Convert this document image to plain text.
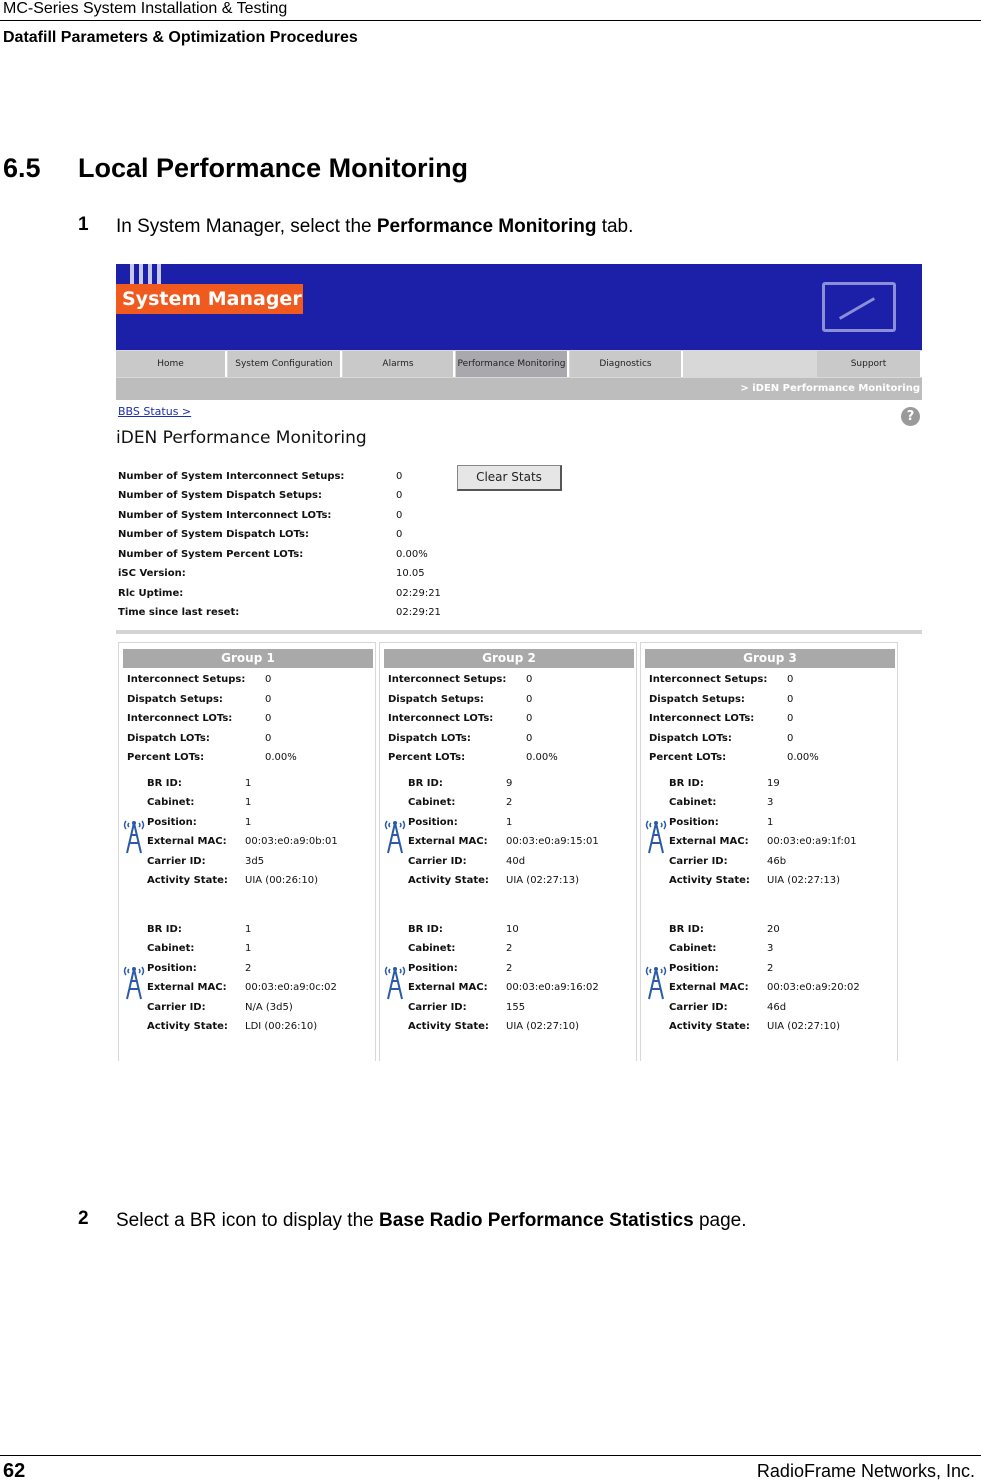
MC-Series System Installation & Testing
Datafill Parameters & Optimization Procedures
6.5 Local Performance Monitoring
1 In System Manager, select the Performance Monitoring tab.
System Manager
Home	System Configuration	Alarms	Performance Monitoring	Diagnostics	Support
> iDEN Performance Monitoring
BBS Status >	?
iDEN Performance Monitoring
Number of System Interconnect Setups:	0
Number of System Dispatch Setups:	0
Number of System Interconnect LOTs:	0
Number of System Dispatch LOTs:	0
Number of System Percent LOTs:	0.00%
iSC Version:	10.05
Rlc Uptime:	02:29:21
Time since last reset:	02:29:21
Clear Stats
Group 1
Interconnect Setups: 0
Dispatch Setups:	0
Interconnect LOTs:	0
Dispatch LOTs:	0
Percent LOTs:	0.00%
BR ID:	1
Cabinet:	1
Position:	1
External MAC: 00:03:e0:a9:0b:01
Carrier ID:	3d5
Activity State: UIA (00:26:10)
BR ID:	1
Cabinet:	1
Position:	2
External MAC: 00:03:e0:a9:0c:02
Carrier ID:	N/A (3d5)
Activity State: LDI (00:26:10)
Group 2
Interconnect Setups: 0
Dispatch Setups:	0
Interconnect LOTs:	0
Dispatch LOTs:	0
Percent LOTs:	0.00%
BR ID:	9
Cabinet:	2
Position:	1
External MAC: 00:03:e0:a9:15:01
Carrier ID:	40d
Activity State: UIA (02:27:13)
BR ID:	10
Cabinet:	2
Position:	2
External MAC: 00:03:e0:a9:16:02
Carrier ID:	155
Activity State: UIA (02:27:10)
Group 3
Interconnect Setups: 0
Dispatch Setups:	0
Interconnect LOTs:	0
Dispatch LOTs:	0
Percent LOTs:	0.00%
BR ID:	19
Cabinet:	3
Position:	1
External MAC: 00:03:e0:a9:1f:01
Carrier ID:	46b
Activity State: UIA (02:27:13)
BR ID:	20
Cabinet:	3
Position:	2
External MAC: 00:03:e0:a9:20:02
Carrier ID:	46d
Activity State: UIA (02:27:10)
2 Select a BR icon to display the Base Radio Performance Statistics page.
62	RadioFrame Networks, Inc.
